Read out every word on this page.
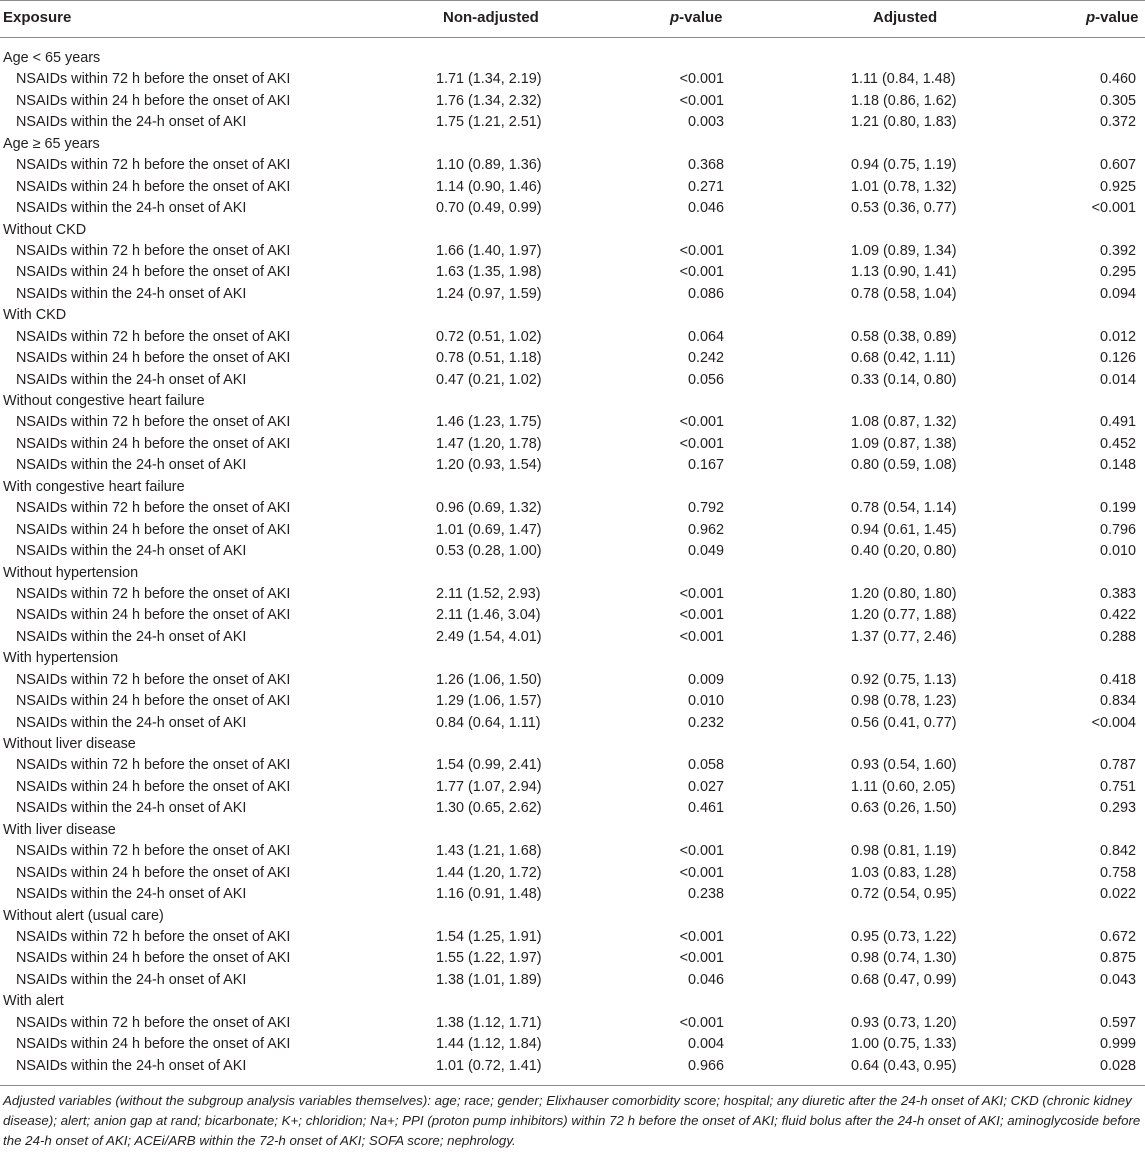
Exposure	Non-adjusted	p-value	Adjusted	p-value
Age < 65 years
NSAIDs within 72 h before the onset of AKI	1.71 (1.34, 2.19)	<0.001	1.11 (0.84, 1.48)	0.460
NSAIDs within 24 h before the onset of AKI	1.76 (1.34, 2.32)	<0.001	1.18 (0.86, 1.62)	0.305
NSAIDs within the 24-h onset of AKI	1.75 (1.21, 2.51)	0.003	1.21 (0.80, 1.83)	0.372
Age ≥ 65 years
NSAIDs within 72 h before the onset of AKI	1.10 (0.89, 1.36)	0.368	0.94 (0.75, 1.19)	0.607
NSAIDs within 24 h before the onset of AKI	1.14 (0.90, 1.46)	0.271	1.01 (0.78, 1.32)	0.925
NSAIDs within the 24-h onset of AKI	0.70 (0.49, 0.99)	0.046	0.53 (0.36, 0.77)	<0.001
Without CKD
NSAIDs within 72 h before the onset of AKI	1.66 (1.40, 1.97)	<0.001	1.09 (0.89, 1.34)	0.392
NSAIDs within 24 h before the onset of AKI	1.63 (1.35, 1.98)	<0.001	1.13 (0.90, 1.41)	0.295
NSAIDs within the 24-h onset of AKI	1.24 (0.97, 1.59)	0.086	0.78 (0.58, 1.04)	0.094
With CKD
NSAIDs within 72 h before the onset of AKI	0.72 (0.51, 1.02)	0.064	0.58 (0.38, 0.89)	0.012
NSAIDs within 24 h before the onset of AKI	0.78 (0.51, 1.18)	0.242	0.68 (0.42, 1.11)	0.126
NSAIDs within the 24-h onset of AKI	0.47 (0.21, 1.02)	0.056	0.33 (0.14, 0.80)	0.014
Without congestive heart failure
NSAIDs within 72 h before the onset of AKI	1.46 (1.23, 1.75)	<0.001	1.08 (0.87, 1.32)	0.491
NSAIDs within 24 h before the onset of AKI	1.47 (1.20, 1.78)	<0.001	1.09 (0.87, 1.38)	0.452
NSAIDs within the 24-h onset of AKI	1.20 (0.93, 1.54)	0.167	0.80 (0.59, 1.08)	0.148
With congestive heart failure
NSAIDs within 72 h before the onset of AKI	0.96 (0.69, 1.32)	0.792	0.78 (0.54, 1.14)	0.199
NSAIDs within 24 h before the onset of AKI	1.01 (0.69, 1.47)	0.962	0.94 (0.61, 1.45)	0.796
NSAIDs within the 24-h onset of AKI	0.53 (0.28, 1.00)	0.049	0.40 (0.20, 0.80)	0.010
Without hypertension
NSAIDs within 72 h before the onset of AKI	2.11 (1.52, 2.93)	<0.001	1.20 (0.80, 1.80)	0.383
NSAIDs within 24 h before the onset of AKI	2.11 (1.46, 3.04)	<0.001	1.20 (0.77, 1.88)	0.422
NSAIDs within the 24-h onset of AKI	2.49 (1.54, 4.01)	<0.001	1.37 (0.77, 2.46)	0.288
With hypertension
NSAIDs within 72 h before the onset of AKI	1.26 (1.06, 1.50)	0.009	0.92 (0.75, 1.13)	0.418
NSAIDs within 24 h before the onset of AKI	1.29 (1.06, 1.57)	0.010	0.98 (0.78, 1.23)	0.834
NSAIDs within the 24-h onset of AKI	0.84 (0.64, 1.11)	0.232	0.56 (0.41, 0.77)	<0.004
Without liver disease
NSAIDs within 72 h before the onset of AKI	1.54 (0.99, 2.41)	0.058	0.93 (0.54, 1.60)	0.787
NSAIDs within 24 h before the onset of AKI	1.77 (1.07, 2.94)	0.027	1.11 (0.60, 2.05)	0.751
NSAIDs within the 24-h onset of AKI	1.30 (0.65, 2.62)	0.461	0.63 (0.26, 1.50)	0.293
With liver disease
NSAIDs within 72 h before the onset of AKI	1.43 (1.21, 1.68)	<0.001	0.98 (0.81, 1.19)	0.842
NSAIDs within 24 h before the onset of AKI	1.44 (1.20, 1.72)	<0.001	1.03 (0.83, 1.28)	0.758
NSAIDs within the 24-h onset of AKI	1.16 (0.91, 1.48)	0.238	0.72 (0.54, 0.95)	0.022
Without alert (usual care)
NSAIDs within 72 h before the onset of AKI	1.54 (1.25, 1.91)	<0.001	0.95 (0.73, 1.22)	0.672
NSAIDs within 24 h before the onset of AKI	1.55 (1.22, 1.97)	<0.001	0.98 (0.74, 1.30)	0.875
NSAIDs within the 24-h onset of AKI	1.38 (1.01, 1.89)	0.046	0.68 (0.47, 0.99)	0.043
With alert
NSAIDs within 72 h before the onset of AKI	1.38 (1.12, 1.71)	<0.001	0.93 (0.73, 1.20)	0.597
NSAIDs within 24 h before the onset of AKI	1.44 (1.12, 1.84)	0.004	1.00 (0.75, 1.33)	0.999
NSAIDs within the 24-h onset of AKI	1.01 (0.72, 1.41)	0.966	0.64 (0.43, 0.95)	0.028
Adjusted variables (without the subgroup analysis variables themselves): age; race; gender; Elixhauser comorbidity score; hospital; any diuretic after the 24-h onset of AKI; CKD (chronic kidney disease); alert; anion gap at rand; bicarbonate; K+; chloridion; Na+; PPI (proton pump inhibitors) within 72 h before the onset of AKI; fluid bolus after the 24-h onset of AKI; aminoglycoside before the 24-h onset of AKI; ACEi/ARB within the 72-h onset of AKI; SOFA score; nephrology.
